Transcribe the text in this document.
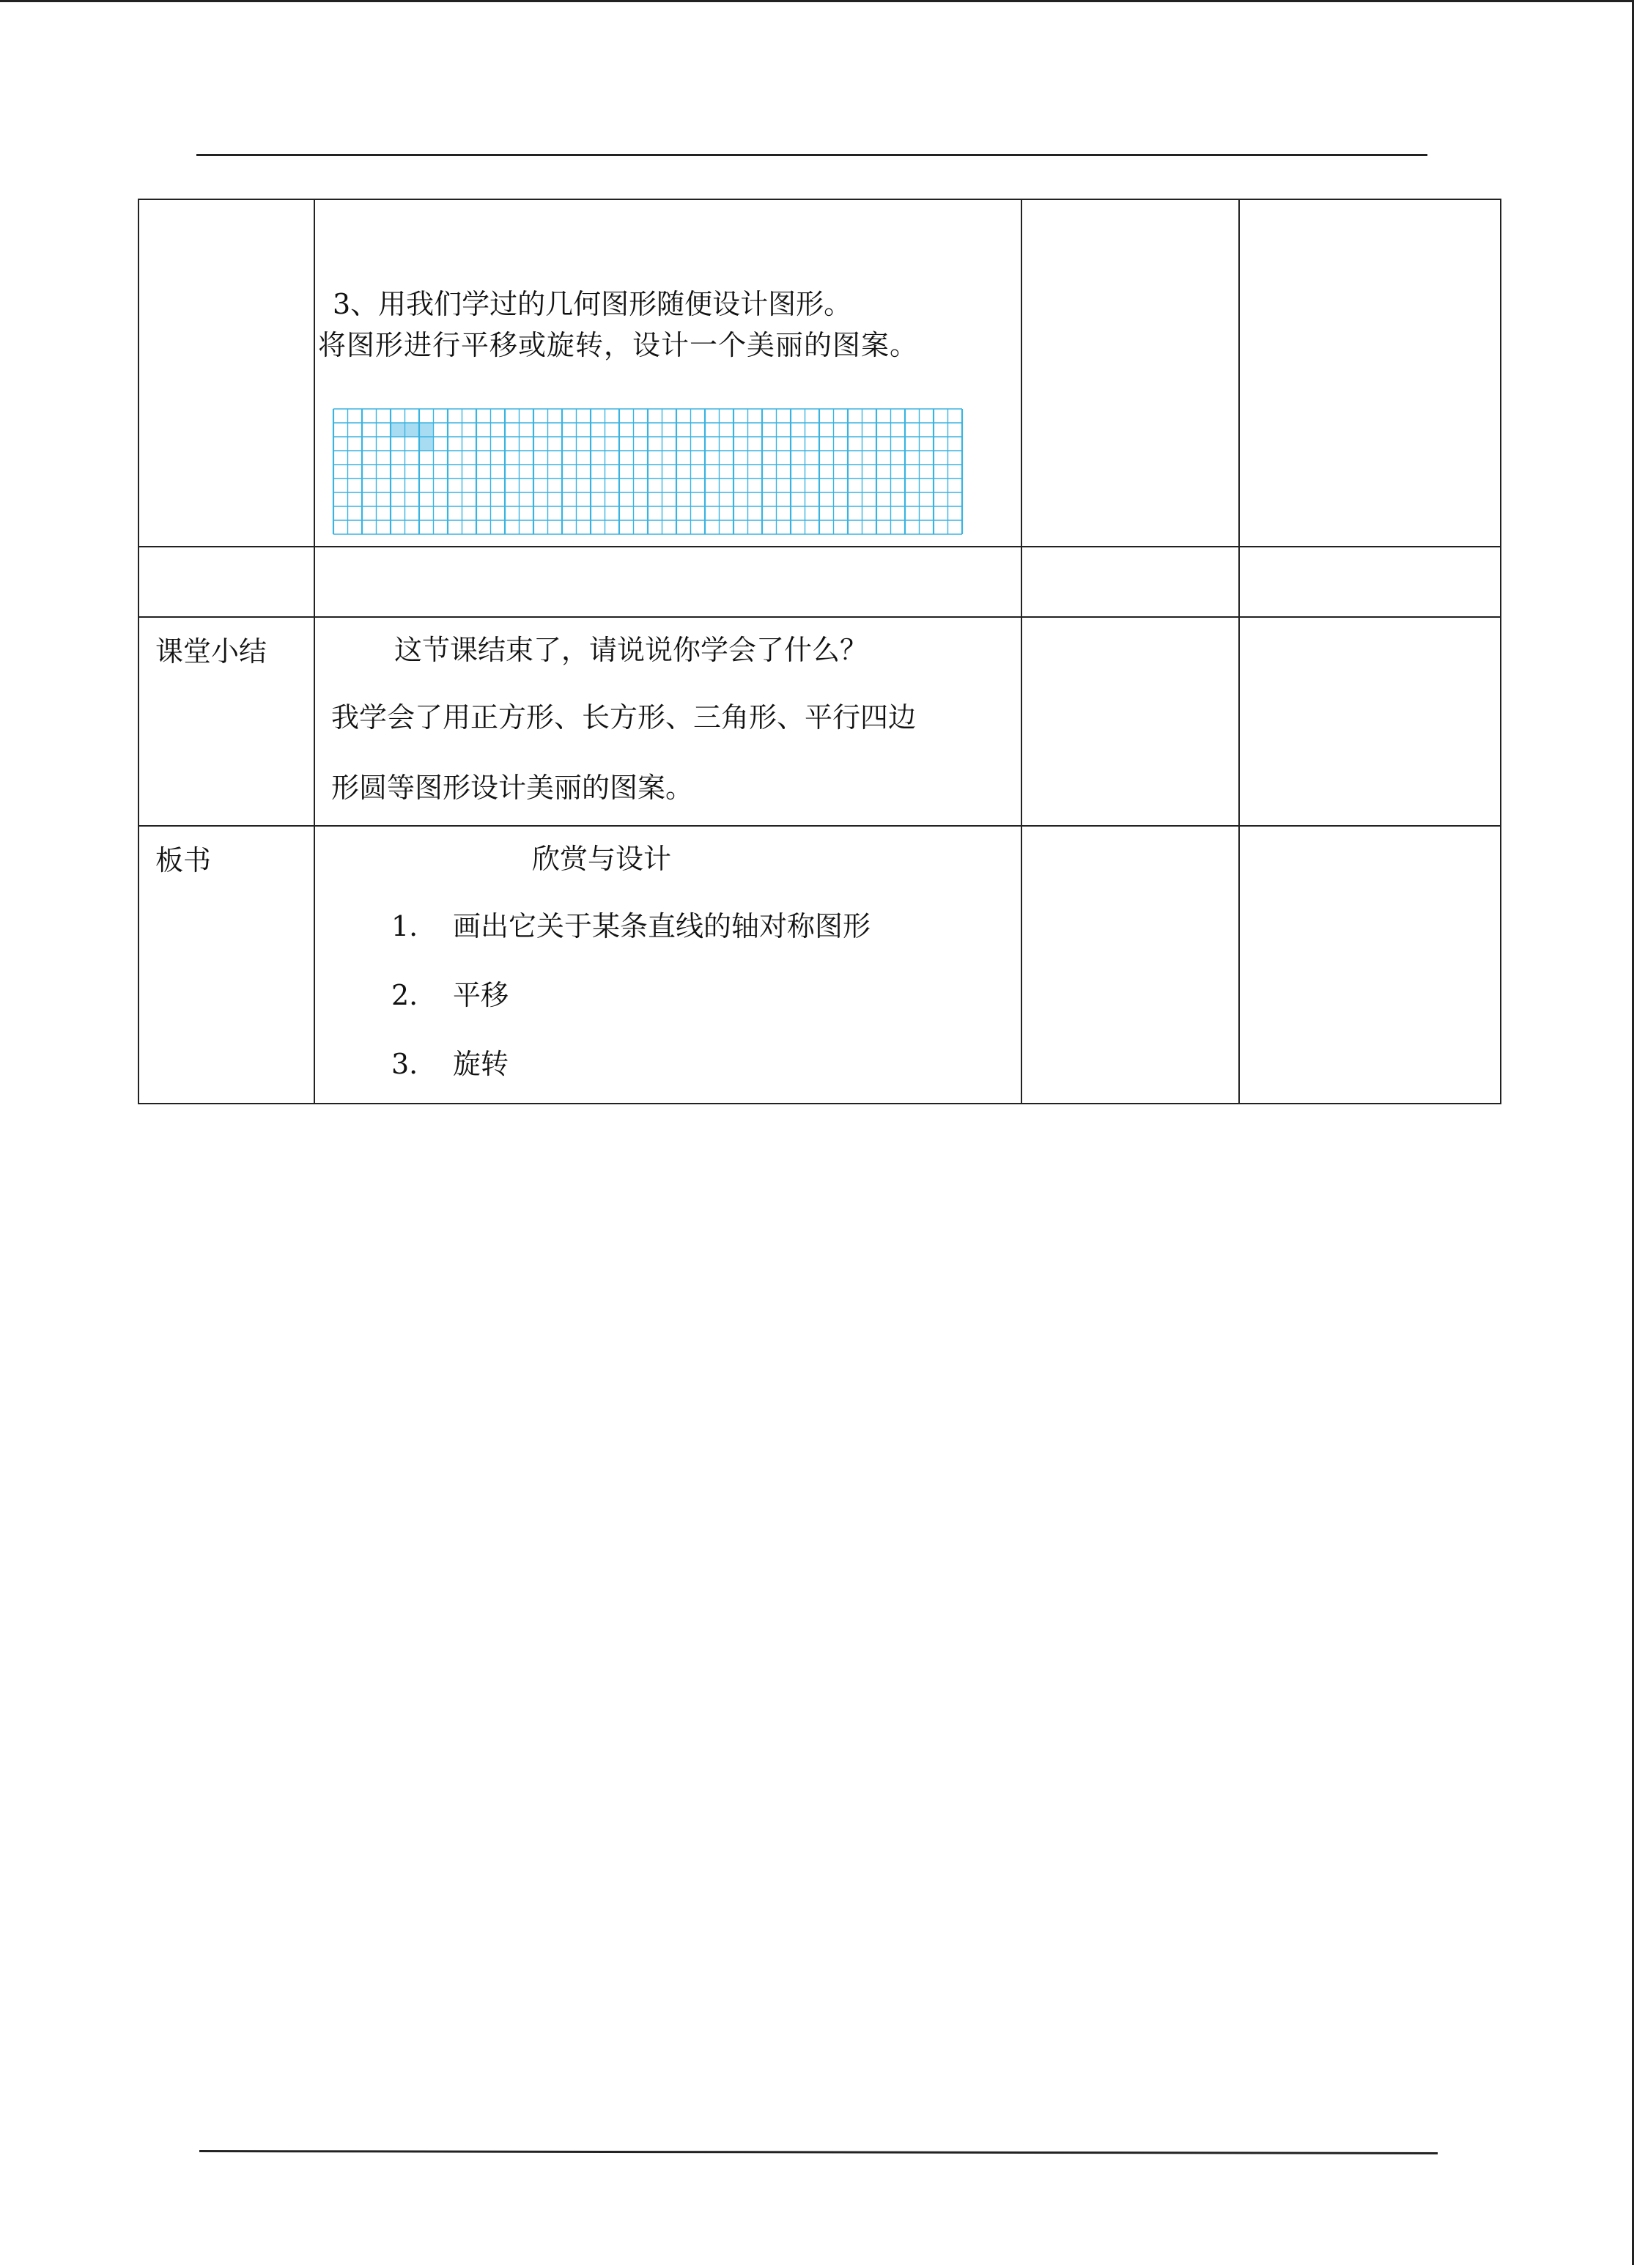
	3、用我们学过的几何图形随便设计图形。
将图形进行平移或旋转，设计一个美丽的图案。		

课堂小结	这节课结束了，请说说你学会了什么？
我学会了用正方形、长方形、三角形、平行四边
形圆等图形设计美丽的图案。		

板书	欣赏与设计
1. 画出它关于某条直线的轴对称图形
2. 平移
3. 旋转		
